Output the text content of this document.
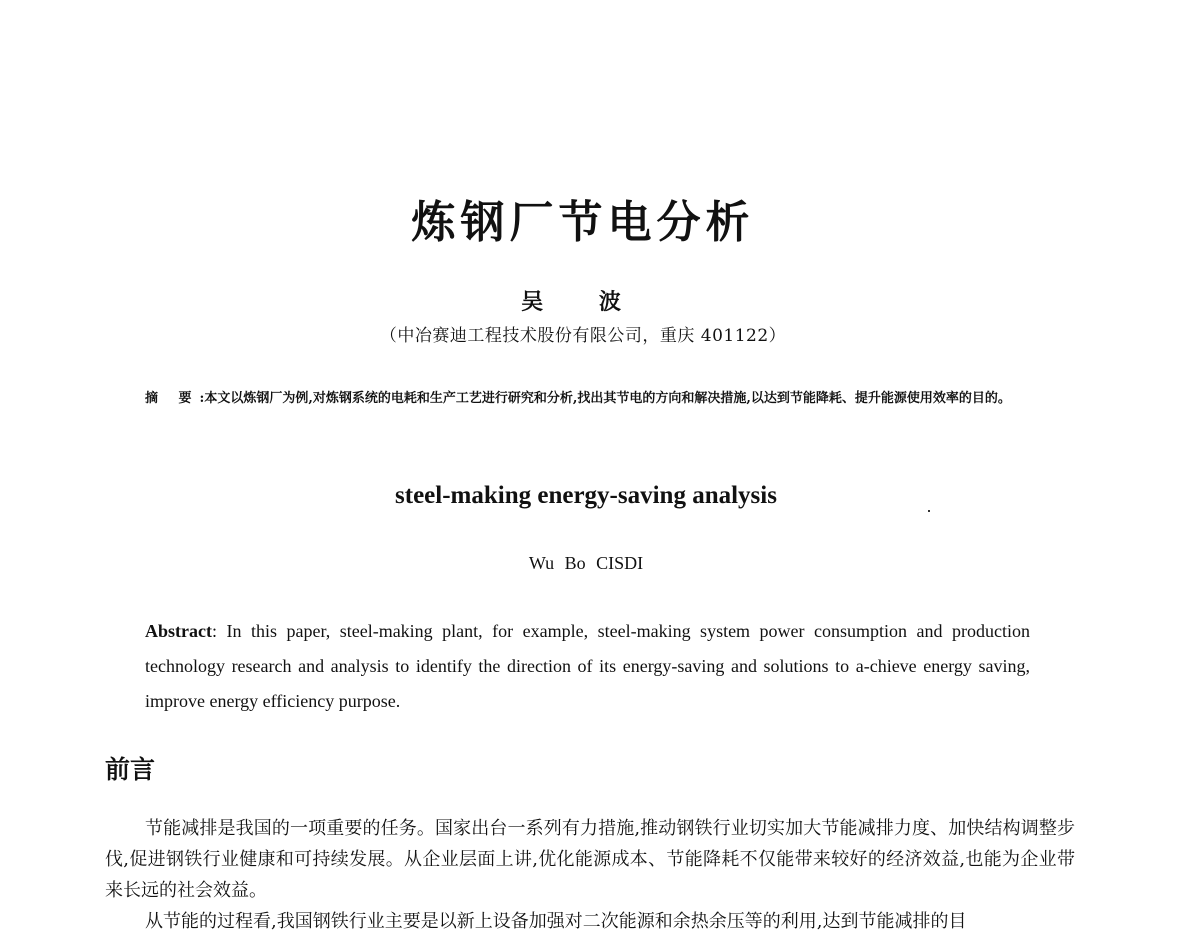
炼钢厂节电分析
吴 波
（中冶赛迪工程技术股份有限公司，重庆 401122）
摘 要:本文以炼钢厂为例,对炼钢系统的电耗和生产工艺进行研究和分析,找出其节电的方向和解决措施,以达到节能降耗、提升能源使用效率的目的。
steel-making energy-saving analysis
Wu Bo CISDI
Abstract: In this paper, steel-making plant, for example, steel-making system power consumption and production technology research and analysis to identify the direction of its energy-saving and solutions to a-chieve energy saving, improve energy efficiency purpose.
前言

节能减排是我国的一项重要的任务。国家出台一系列有力措施,推动钢铁行业切实加大节能减排力度、加快结构调整步伐,促进钢铁行业健康和可持续发展。从企业层面上讲,优化能源成本、节能降耗不仅能带来较好的经济效益,也能为企业带来长远的社会效益。

从节能的过程看,我国钢铁行业主要是以新上设备加强对二次能源和余热余压等的利用,达到节能减排的目
